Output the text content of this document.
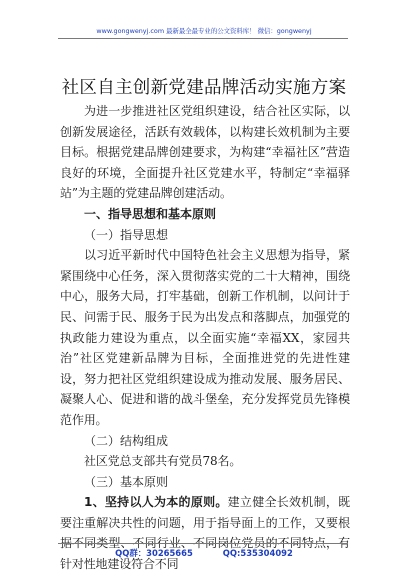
www.gongwenyj.com 最新最全最专业的公文资料库！ 微信：gongwenyj
社区自主创新党建品牌活动实施方案

为进一步推进社区党组织建设，结合社区实际，以创新发展途径，活跃有效载体，以构建长效机制为主要目标。根据党建品牌创建要求，为构建“幸福社区”营造良好的环境，全面提升社区党建水平，特制定“幸福驿站”为主题的党建品牌创建活动。

一、指导思想和基本原则

（一）指导思想

以习近平新时代中国特色社会主义思想为指导，紧紧围绕中心任务，深入贯彻落实党的二十大精神，围绕中心，服务大局，打牢基础，创新工作机制，以问计于民、问需于民、服务于民为出发点和落脚点，加强党的执政能力建设为重点，以全面实施“幸福XX，家园共治”社区党建新品牌为目标，全面推进党的先进性建设，努力把社区党组织建设成为推动发展、服务居民、凝聚人心、促进和谐的战斗堡垒，充分发挥党员先锋模范作用。

（二）结构组成

社区党总支部共有党员78名。

（三）基本原则

1、坚持以人为本的原则。建立健全长效机制，既要注重解决共性的问题，用于指导面上的工作，又要根据不同类型、不同行业、不同岗位党员的不同特点，有针对性地建设符合不同

QQ群：30265665	QQ:535304092
